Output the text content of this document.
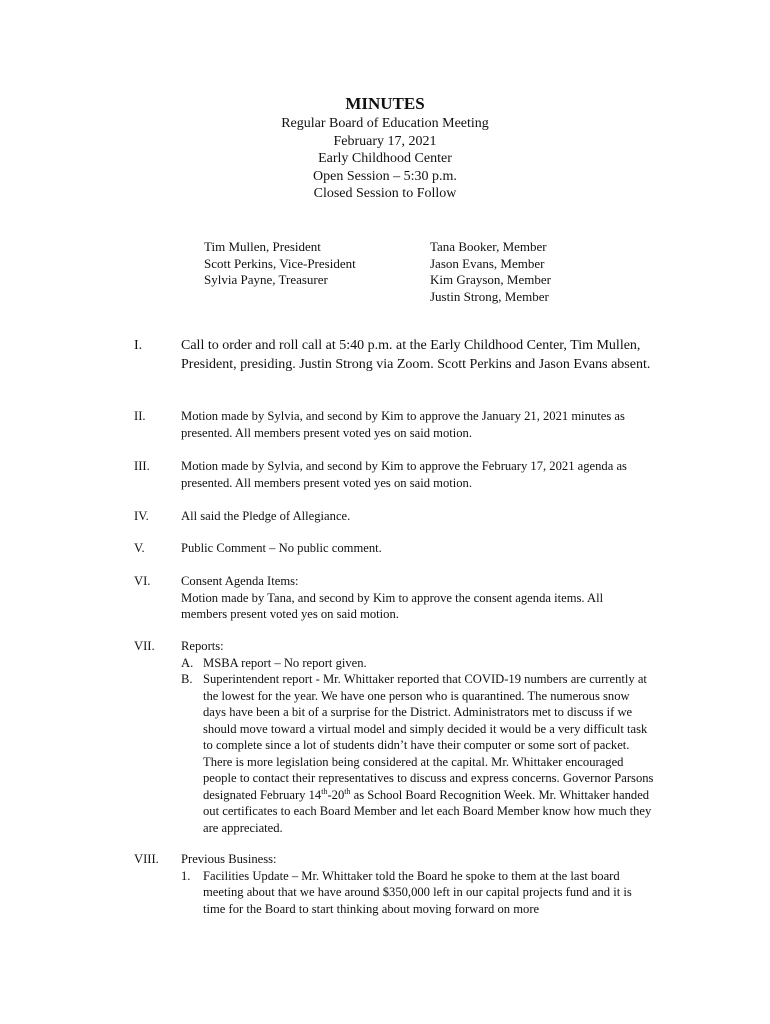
MINUTES
Regular Board of Education Meeting
February 17, 2021
Early Childhood Center
Open Session – 5:30 p.m.
Closed Session to Follow
Tim Mullen, President
Scott Perkins, Vice-President
Sylvia Payne, Treasurer
Tana Booker, Member
Jason Evans, Member
Kim Grayson, Member
Justin Strong, Member
I.	Call to order and roll call at 5:40 p.m. at the Early Childhood Center, Tim Mullen, President, presiding. Justin Strong via Zoom. Scott Perkins and Jason Evans absent.
II.	Motion made by Sylvia, and second by Kim to approve the January 21, 2021 minutes as presented. All members present voted yes on said motion.
III. Motion made by Sylvia, and second by Kim to approve the February 17, 2021 agenda as presented. All members present voted yes on said motion.
IV.	All said the Pledge of Allegiance.
V.	Public Comment – No public comment.
VI. Consent Agenda Items:
Motion made by Tana, and second by Kim to approve the consent agenda items. All members present voted yes on said motion.
VII. Reports:
A. MSBA report – No report given.
B. Superintendent report - Mr. Whittaker reported that COVID-19 numbers are currently at the lowest for the year. We have one person who is quarantined. The numerous snow days have been a bit of a surprise for the District. Administrators met to discuss if we should move toward a virtual model and simply decided it would be a very difficult task to complete since a lot of students didn’t have their computer or some sort of packet. There is more legislation being considered at the capital. Mr. Whittaker encouraged people to contact their representatives to discuss and express concerns. Governor Parsons designated February 14th-20th as School Board Recognition Week. Mr. Whittaker handed out certificates to each Board Member and let each Board Member know how much they are appreciated.
VIII. Previous Business:
1. Facilities Update – Mr. Whittaker told the Board he spoke to them at the last board meeting about that we have around $350,000 left in our capital projects fund and it is time for the Board to start thinking about moving forward on more
